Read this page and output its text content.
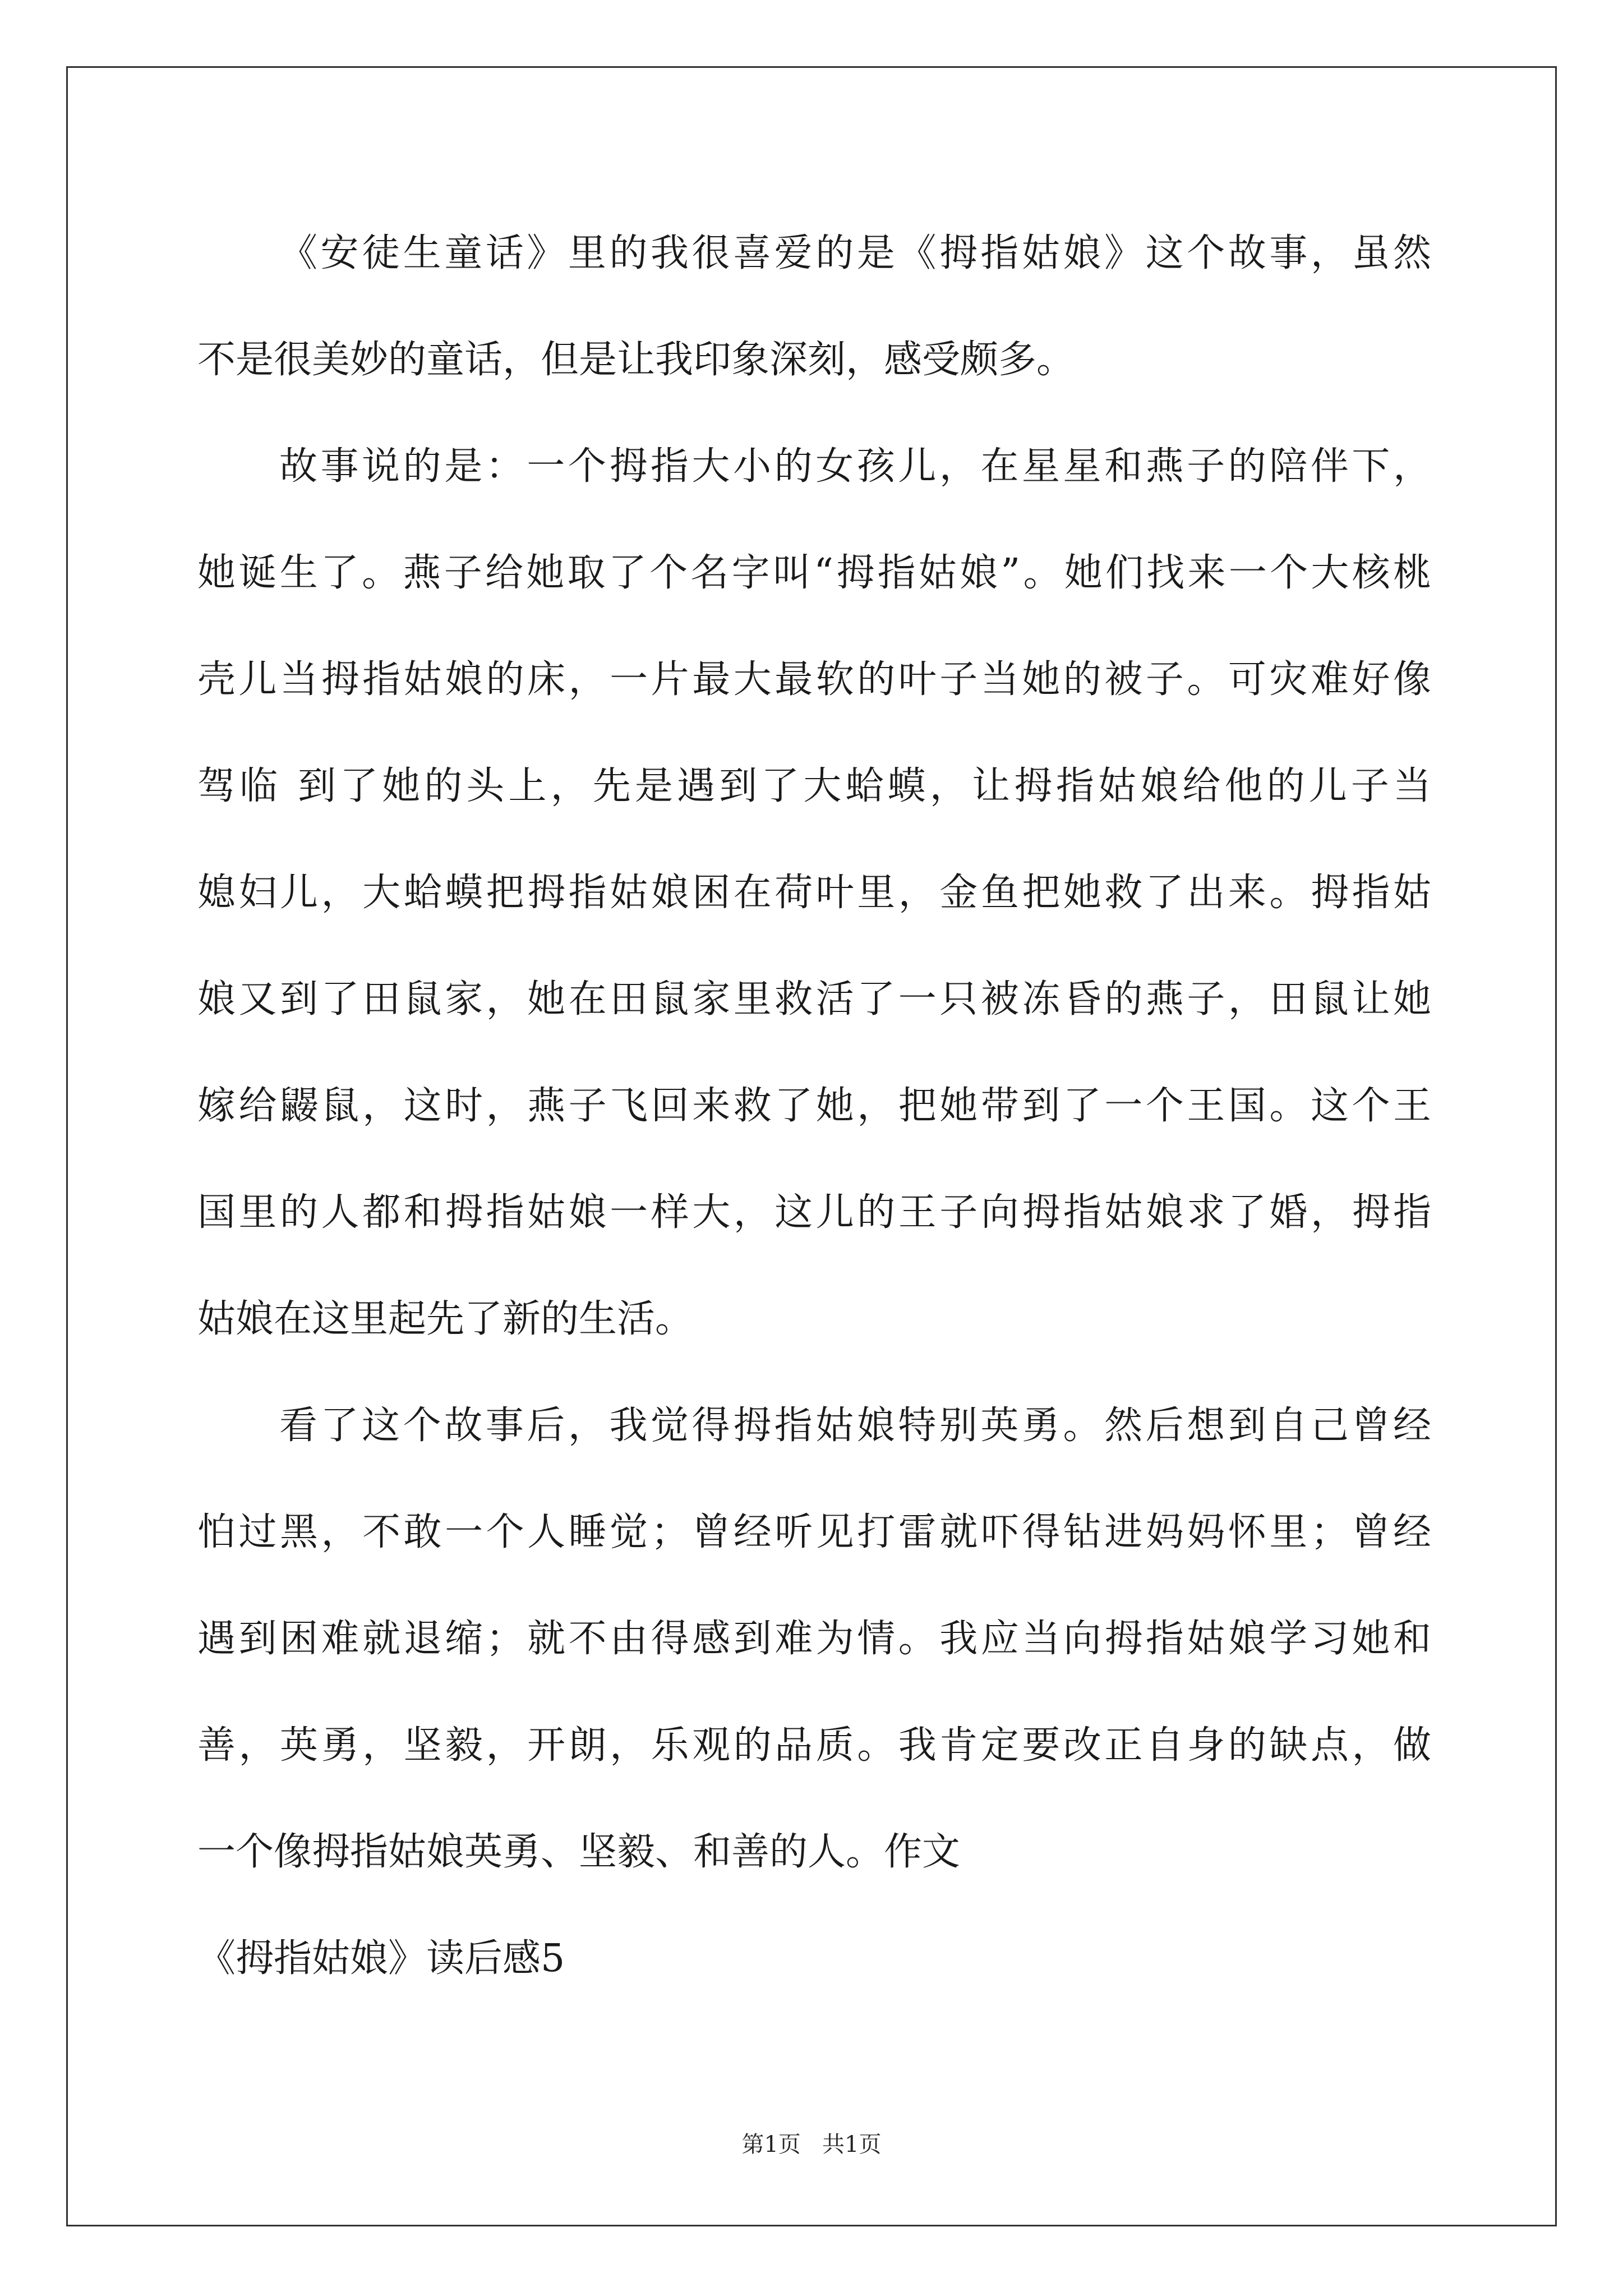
《安徒生童话》里的我很喜爱的是《拇指姑娘》这个故事，虽然
不是很美妙的童话，但是让我印象深刻，感受颇多。
故事说的是：一个拇指大小的女孩儿，在星星和燕子的陪伴下，
她诞生了。燕子给她取了个名字叫“拇指姑娘”。她们找来一个大核桃
壳儿当拇指姑娘的床，一片最大最软的叶子当她的被子。可灾难好像
驾临 到了她的头上，先是遇到了大蛤蟆，让拇指姑娘给他的儿子当
媳妇儿，大蛤蟆把拇指姑娘困在荷叶里，金鱼把她救了出来。拇指姑
娘又到了田鼠家，她在田鼠家里救活了一只被冻昏的燕子，田鼠让她
嫁给鼹鼠，这时，燕子飞回来救了她，把她带到了一个王国。这个王
国里的人都和拇指姑娘一样大，这儿的王子向拇指姑娘求了婚，拇指
姑娘在这里起先了新的生活。
看了这个故事后，我觉得拇指姑娘特别英勇。然后想到自己曾经
怕过黑，不敢一个人睡觉；曾经听见打雷就吓得钻进妈妈怀里；曾经
遇到困难就退缩；就不由得感到难为情。我应当向拇指姑娘学习她和
善，英勇，坚毅，开朗，乐观的品质。我肯定要改正自身的缺点，做
一个像拇指姑娘英勇、坚毅、和善的人。作文
《拇指姑娘》读后感5
第1页   共1页
